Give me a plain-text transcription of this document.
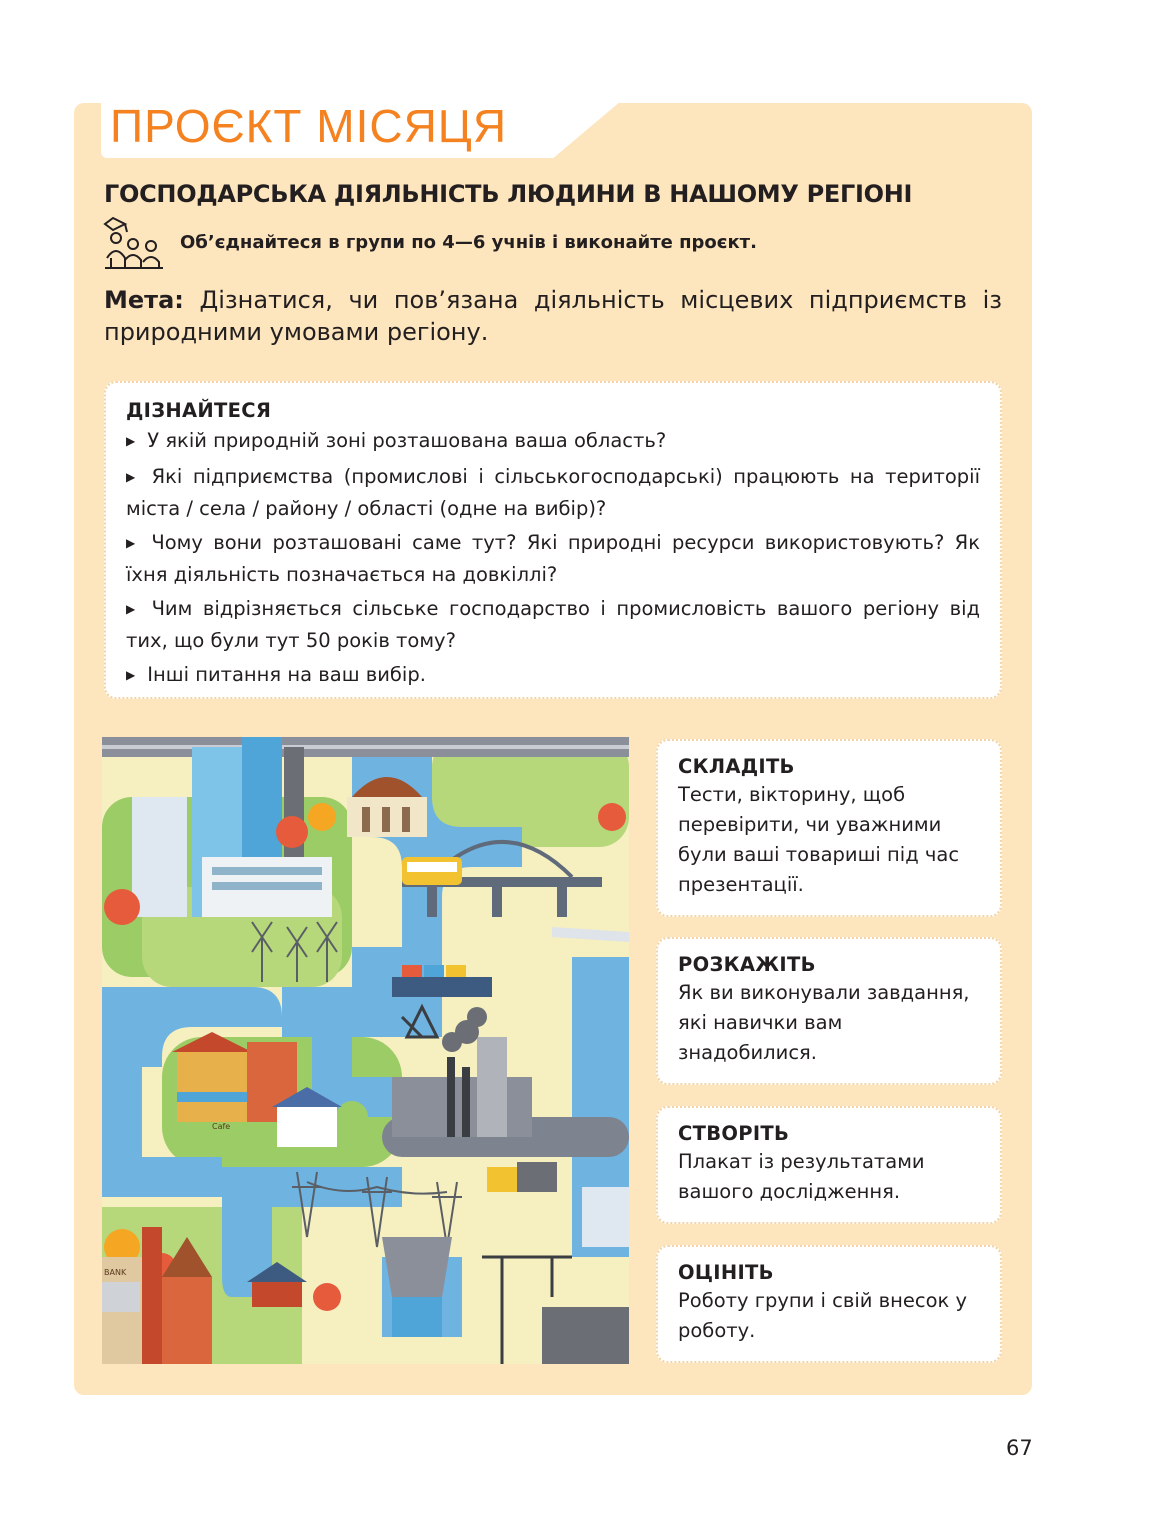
ПРОЄКТ МІСЯЦЯ
ГОСПОДАРСЬКА ДІЯЛЬНІСТЬ ЛЮДИНИ В НАШОМУ РЕГІОНІ
Об’єднайтеся в групи по 4—6 учнів і виконайте проєкт.

Мета: Дізнатися, чи пов’язана діяльність місцевих підприємств із природними умовами регіону.

ДІЗНАЙТЕСЯ
▶ У якій природній зоні розташована ваша область?
▶ Які підприємства (промислові і сільськогосподарські) працюють на території міста / села / району / області (одне на вибір)?
▶ Чому вони розташовані саме тут? Які природні ресурси використовують? Як їхня діяльність позначається на довкіллі?
▶ Чим відрізняється сільське господарство і промисловість вашого регіону від тих, що були тут 50 років тому?
▶ Інші питання на ваш вибір.
Cafe
BANK
СКЛАДІТЬ

Тести, вікторину, щоб перевірити, чи уважними були ваші товариші під час презентації.

РОЗКАЖІТЬ

Як ви виконували завдання, які навички вам знадобилися.

СТВОРІТЬ

Плакат із результатами вашого дослідження.

ОЦІНІТЬ

Роботу групи і свій внесок у роботу.

67
